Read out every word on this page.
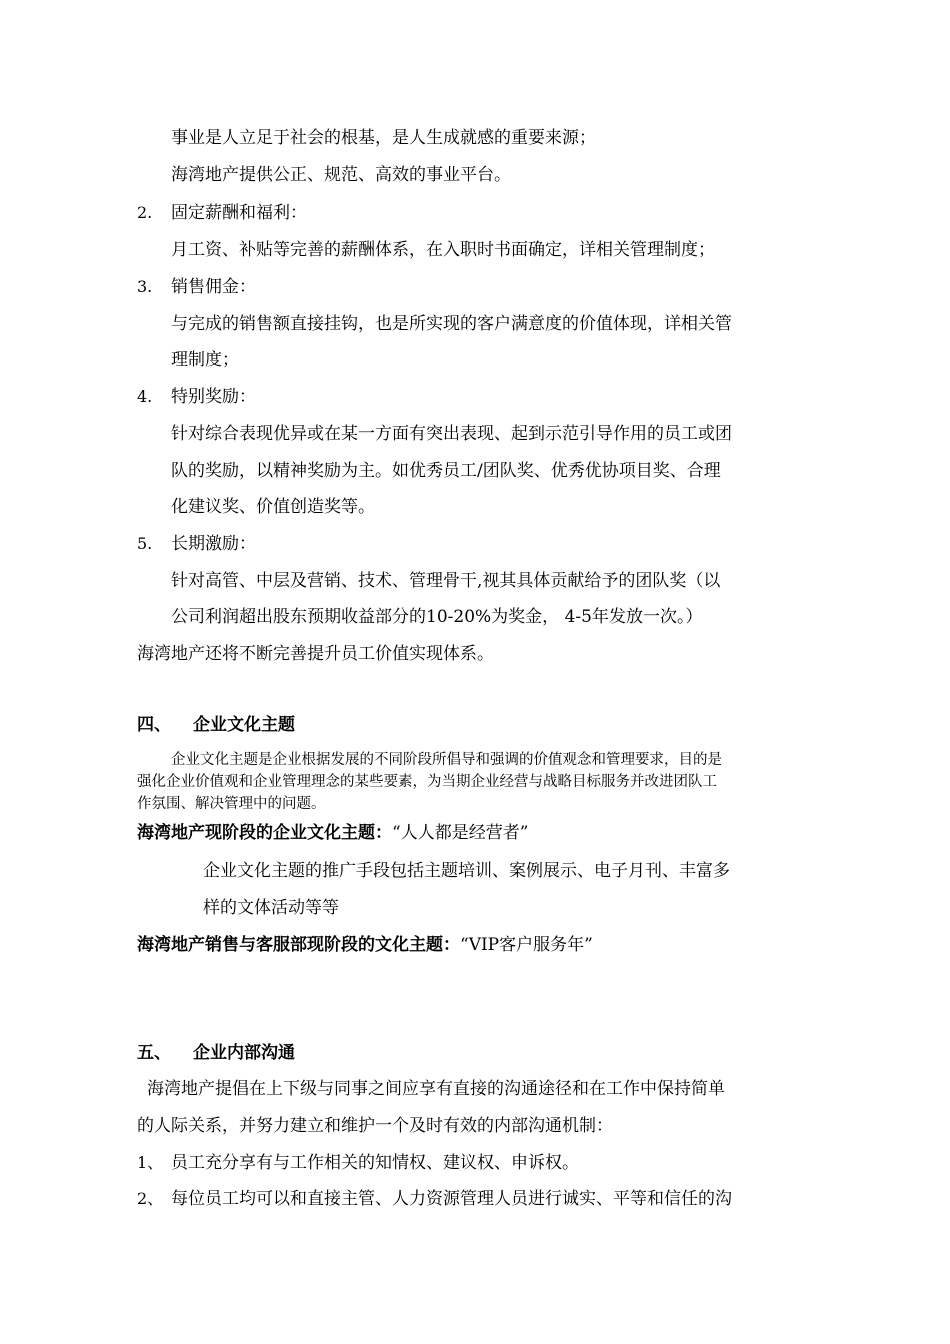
事业是人立足于社会的根基，是人生成就感的重要来源；
海湾地产提供公正、规范、高效的事业平台。
2. 固定薪酬和福利：
月工资、补贴等完善的薪酬体系，在入职时书面确定，详相关管理制度；
3. 销售佣金：
与完成的销售额直接挂钩，也是所实现的客户满意度的价值体现，详相关管
理制度；
4. 特别奖励：
针对综合表现优异或在某一方面有突出表现、起到示范引导作用的员工或团
队的奖励，以精神奖励为主。如优秀员工/团队奖、优秀优协项目奖、合理
化建议奖、价值创造奖等。
5. 长期激励：
针对高管、中层及营销、技术、管理骨干,视其具体贡献给予的团队奖（以
公司利润超出股东预期收益部分的10-20%为奖金， 4-5年发放一次。）
海湾地产还将不断完善提升员工价值实现体系。
四、 企业文化主题
企业文化主题是企业根据发展的不同阶段所倡导和强调的价值观念和管理要求，目的是
强化企业价值观和企业管理理念的某些要素，为当期企业经营与战略目标服务并改进团队工
作氛围、解决管理中的问题。
海湾地产现阶段的企业文化主题：“人人都是经营者”
企业文化主题的推广手段包括主题培训、案例展示、电子月刊、丰富多
样的文体活动等等
海湾地产销售与客服部现阶段的文化主题：“VIP客户服务年”
五、 企业内部沟通
海湾地产提倡在上下级与同事之间应享有直接的沟通途径和在工作中保持简单
的人际关系，并努力建立和维护一个及时有效的内部沟通机制：
1、 员工充分享有与工作相关的知情权、建议权、申诉权。
2、 每位员工均可以和直接主管、人力资源管理人员进行诚实、平等和信任的沟
